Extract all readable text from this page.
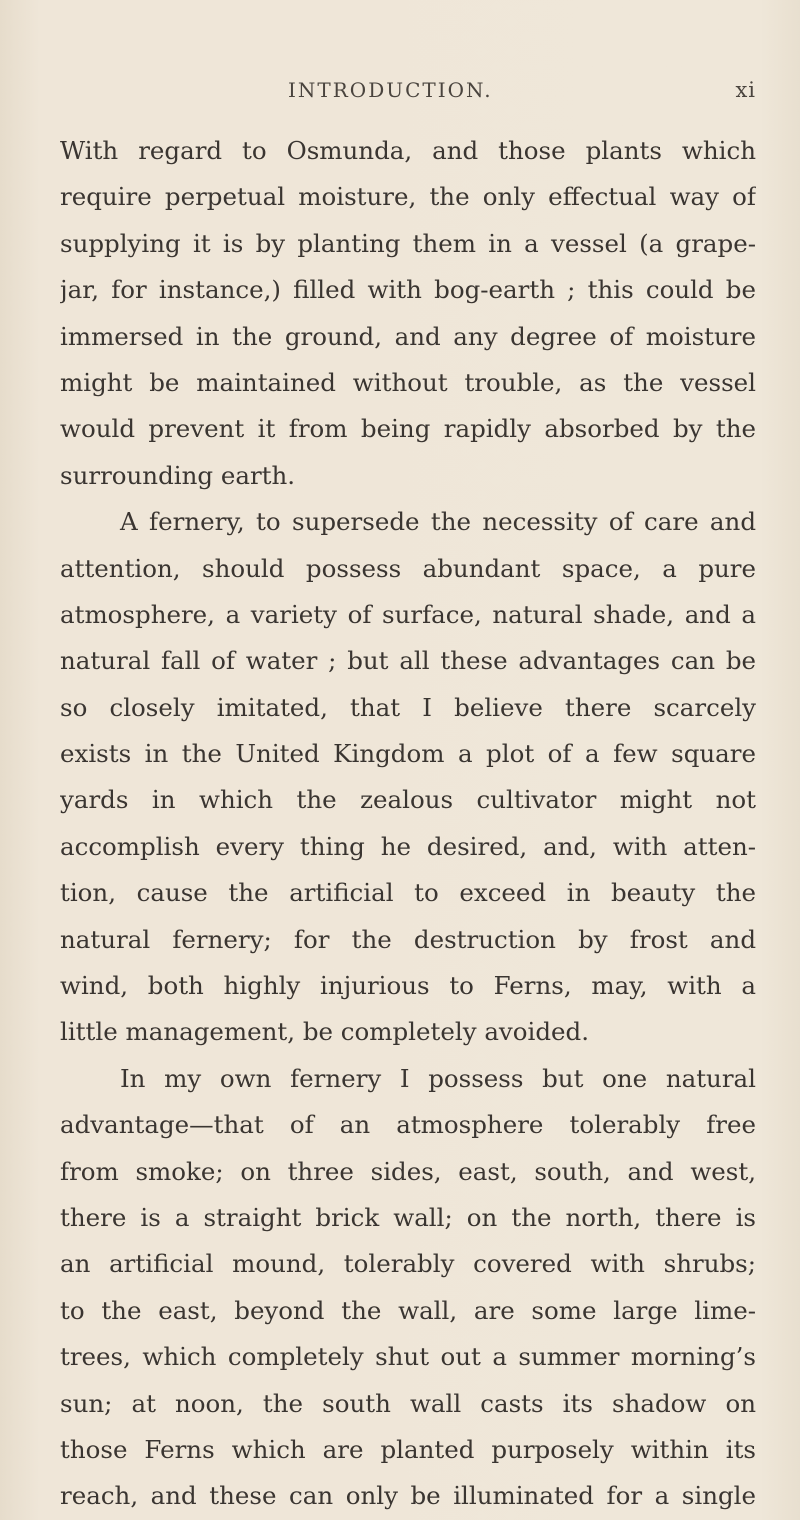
INTRODUCTION.	xi
With regard to Osmunda, and those plants which
require perpetual moisture, the only effectual way of
supplying it is by planting them in a vessel (a grape-
jar, for instance,) filled with bog-earth ; this could be
immersed in the ground, and any degree of moisture
might be maintained without trouble, as the vessel
would prevent it from being rapidly absorbed by the
surrounding earth.
A fernery, to supersede the necessity of care and
attention, should possess abundant space, a pure
atmosphere, a variety of surface, natural shade, and a
natural fall of water ; but all these advantages can be
so closely imitated, that I believe there scarcely
exists in the United Kingdom a plot of a few square
yards in which the zealous cultivator might not
accomplish every thing he desired, and, with atten-
tion, cause the artificial to exceed in beauty the
natural fernery; for the destruction by frost and
wind, both highly injurious to Ferns, may, with a
little management, be completely avoided.
In my own fernery I possess but one natural
advantage—that of an atmosphere tolerably free
from smoke; on three sides, east, south, and west,
there is a straight brick wall; on the north, there is
an artificial mound, tolerably covered with shrubs;
to the east, beyond the wall, are some large lime-
trees, which completely shut out a summer morning’s
sun; at noon, the south wall casts its shadow on
those Ferns which are planted purposely within its
reach, and these can only be illuminated for a single
